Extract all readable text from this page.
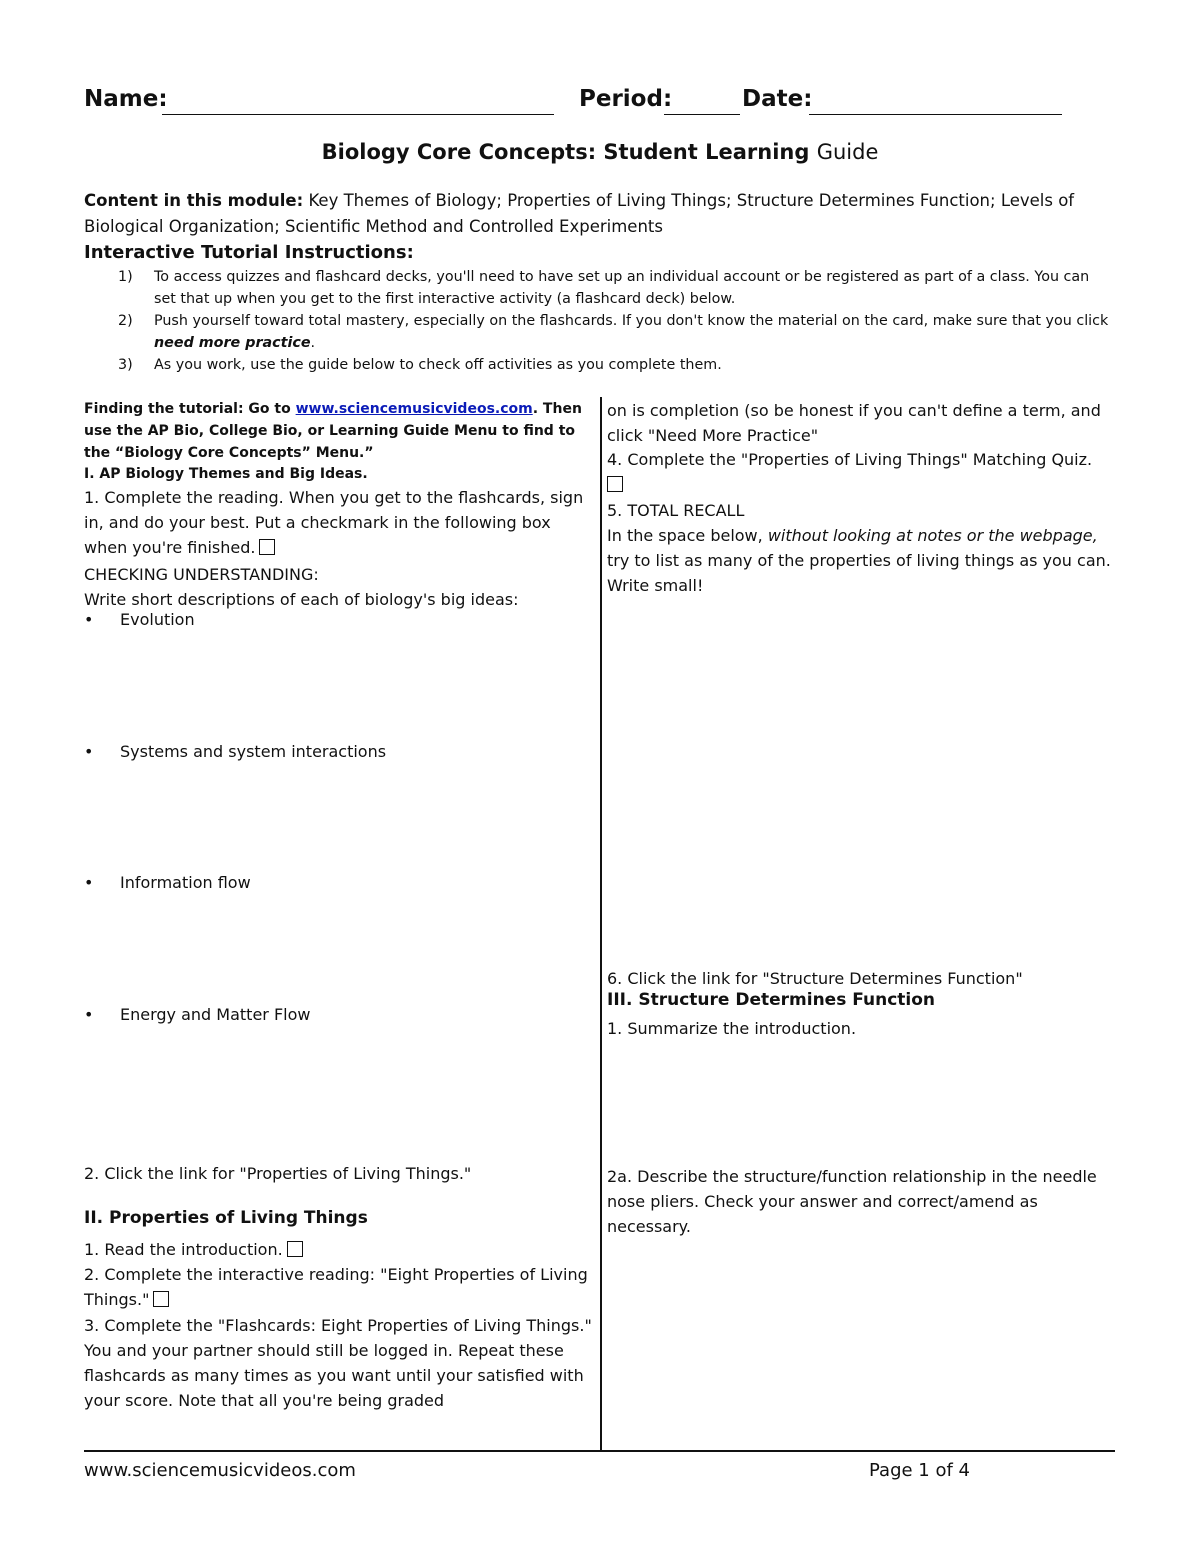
Name:	Period:	Date:
Biology Core Concepts: Student Learning Guide
Content in this module: Key Themes of Biology; Properties of Living Things; Structure Determines Function; Levels of Biological Organization; Scientific Method and Controlled Experiments
Interactive Tutorial Instructions:
1) To access quizzes and flashcard decks, you'll need to have set up an individual account or be registered as part of a class. You can set that up when you get to the first interactive activity (a flashcard deck) below.
2) Push yourself toward total mastery, especially on the flashcards. If you don't know the material on the card, make sure that you click need more practice.
3) As you work, use the guide below to check off activities as you complete them.
Finding the tutorial: Go to www.sciencemusicvideos.com. Then use the AP Bio, College Bio, or Learning Guide Menu to find to the “Biology Core Concepts” Menu.”
I. AP Biology Themes and Big Ideas.
1. Complete the reading. When you get to the flashcards, sign in, and do your best. Put a checkmark in the following box when you're finished.
CHECKING UNDERSTANDING:
Write short descriptions of each of biology's big ideas:
• Evolution
• Systems and system interactions
• Information flow
• Energy and Matter Flow
2. Click the link for "Properties of Living Things."
II. Properties of Living Things
1. Read the introduction.
2. Complete the interactive reading: "Eight Properties of Living Things."
3. Complete the "Flashcards: Eight Properties of Living Things." You and your partner should still be logged in. Repeat these flashcards as many times as you want until your satisfied with your score. Note that all you're being graded
on is completion (so be honest if you can't define a term, and click "Need More Practice"
4. Complete the "Properties of Living Things" Matching Quiz.

5. TOTAL RECALL
In the space below, without looking at notes or the webpage, try to list as many of the properties of living things as you can. Write small!
6. Click the link for "Structure Determines Function"
III. Structure Determines Function
1. Summarize the introduction.
2a. Describe the structure/function relationship in the needle nose pliers. Check your answer and correct/amend as necessary.
www.sciencemusicvideos.com	Page 1 of 4
